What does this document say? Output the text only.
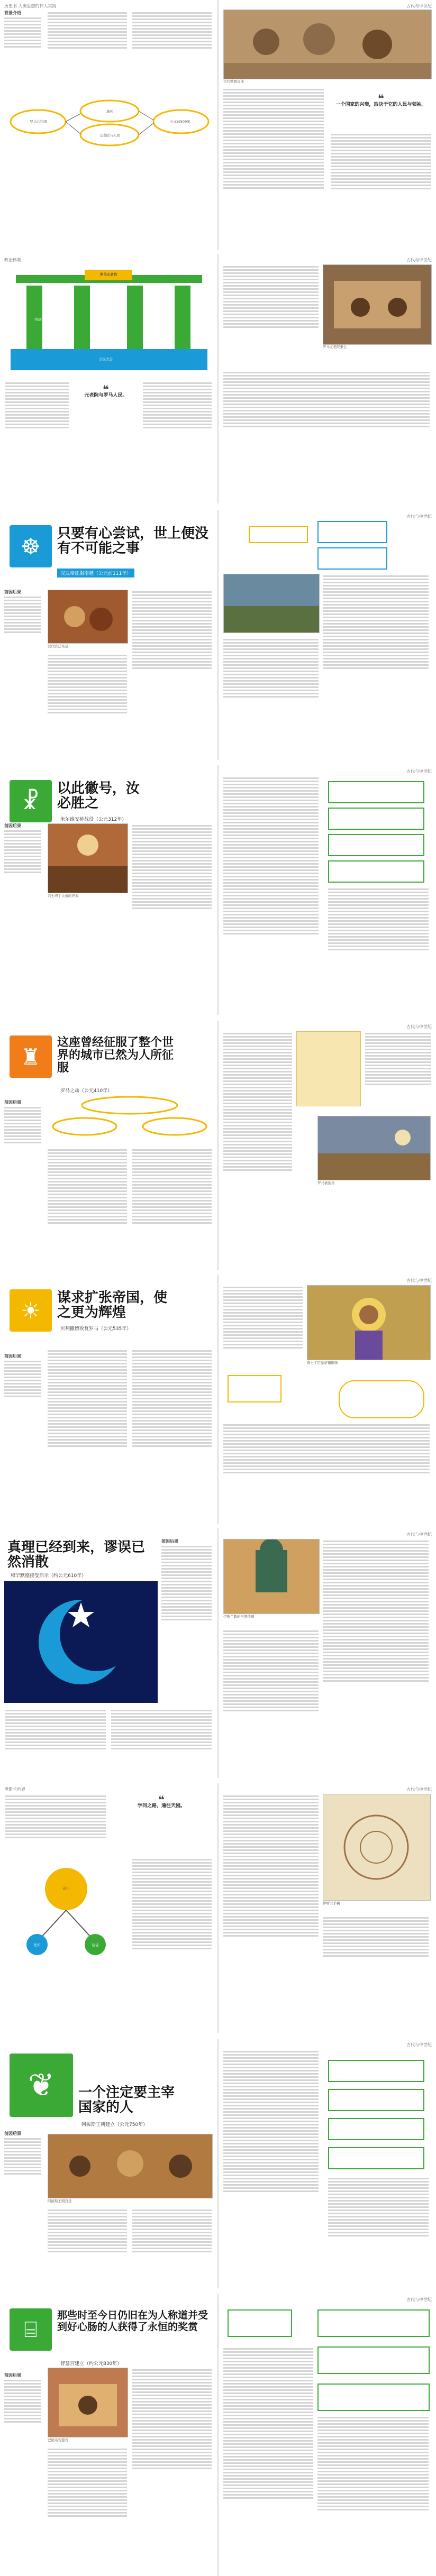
历史书 人类思想的伟大实践	古代与中世纪
背景介绍
罗马共和国
城邦
元老院与人民
公元前509年
古代壁画局部
❝
一个国家的兴衰，取决于它的人民与领袖。
政治体制	古代与中世纪
罗马元老院
执政官	元老院
公民大会
❝
元老院与罗马人民。
罗马元老院集会
古代与中世纪
☸	只要有心尝试，世上便没有不可能之事
汉武帝征服南越（公元前111年）
前因后果
汉代宫廷场景
古代与中世纪
☧	以此徽号，汝必胜之
米尔维安桥战役（公元312年）
前因后果
君士坦丁大帝的异象
古代与中世纪
♜
这座曾经征服了整个世界的城市已然为人所征服
罗马之劫（公元410年）
前因后果
罗马被洗劫
古代与中世纪
☀	谋求扩张帝国，使之更为辉煌
贝利撒留收复罗马（公元535年）
前因后果
查士丁尼皇帝镶嵌画
古代与中世纪
真理已经到来，谬误已然消散
穆罕默德接受启示（约公元610年）
前因后果
伊斯兰教的早期传播
伊斯兰世界	古代与中世纪
❝
学问之路，通往天园。
真主
先知	信徒
伊斯兰手稿
古代与中世纪
❦	一个注定要主宰国家的人
阿拔斯王朝建立（公元750年）
前因后果
阿拔斯王朝宫廷
古代与中世纪
⌸
那些时至今日仍旧在为人称道并受到好心肠的人获得了永恒的奖赏
智慧宫建立（约公元830年）
前因后果
巴格达智慧宫
